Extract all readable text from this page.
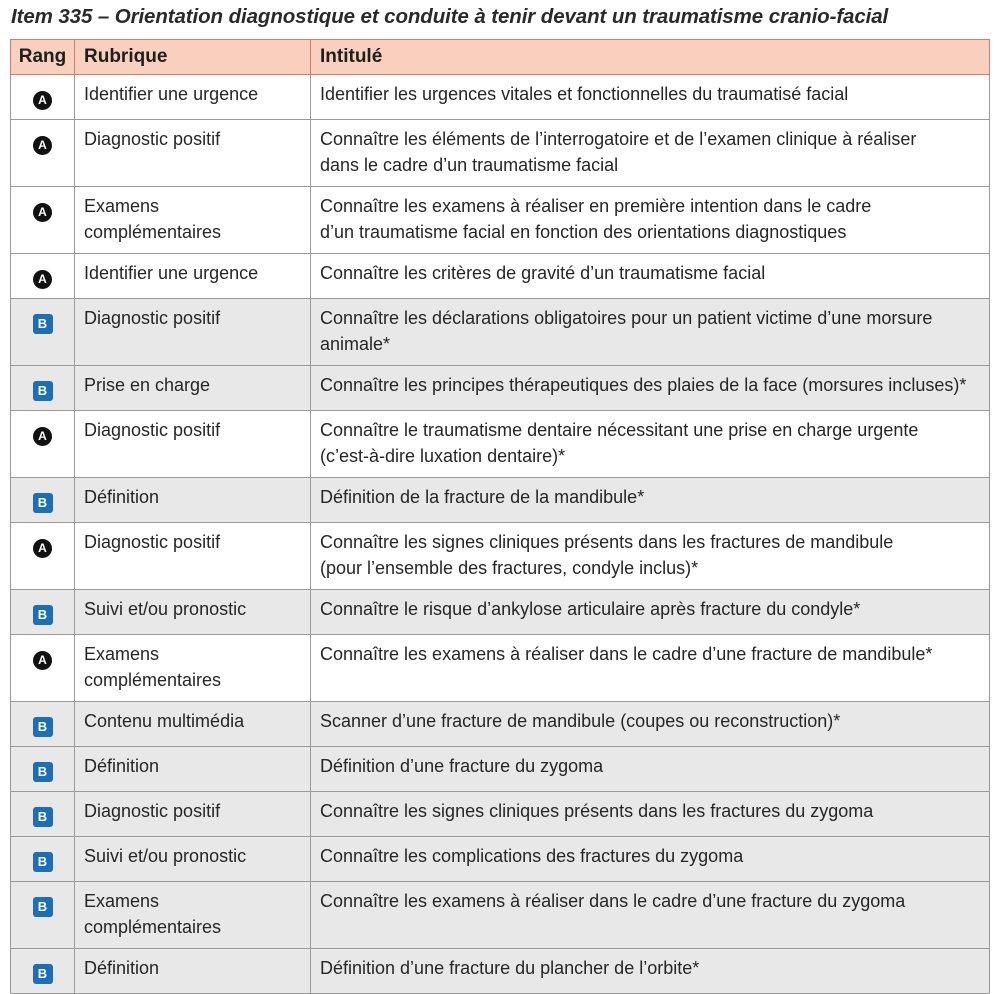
Item 335 – Orientation diagnostique et conduite à tenir devant un traumatisme cranio-facial
Rang	Rubrique	Intitulé
A	Identifier une urgence	Identifier les urgences vitales et fonctionnelles du traumatisé facial

A	Diagnostic positif	Connaître les éléments de l’interrogatoire et de l’examen clinique à réaliser
dans le cadre d’un traumatisme facial

A	Examens complémentaires	Connaître les examens à réaliser en première intention dans le cadre
d’un traumatisme facial en fonction des orientations diagnostiques

A	Identifier une urgence	Connaître les critères de gravité d’un traumatisme facial

B	Diagnostic positif	Connaître les déclarations obligatoires pour un patient victime d’une morsure
animale*

B	Prise en charge	Connaître les principes thérapeutiques des plaies de la face (morsures incluses)*

A	Diagnostic positif	Connaître le traumatisme dentaire nécessitant une prise en charge urgente
(c’est-à-dire luxation dentaire)*

B	Définition	Définition de la fracture de la mandibule*

A	Diagnostic positif	Connaître les signes cliniques présents dans les fractures de mandibule
(pour l’ensemble des fractures, condyle inclus)*

B	Suivi et/ou pronostic	Connaître le risque d’ankylose articulaire après fracture du condyle*

A	Examens complémentaires	Connaître les examens à réaliser dans le cadre d’une fracture de mandibule*

B	Contenu multimédia	Scanner d’une fracture de mandibule (coupes ou reconstruction)*

B	Définition	Définition d’une fracture du zygoma

B	Diagnostic positif	Connaître les signes cliniques présents dans les fractures du zygoma

B	Suivi et/ou pronostic	Connaître les complications des fractures du zygoma

B	Examens complémentaires	Connaître les examens à réaliser dans le cadre d’une fracture du zygoma

B	Définition	Définition d’une fracture du plancher de l’orbite*
